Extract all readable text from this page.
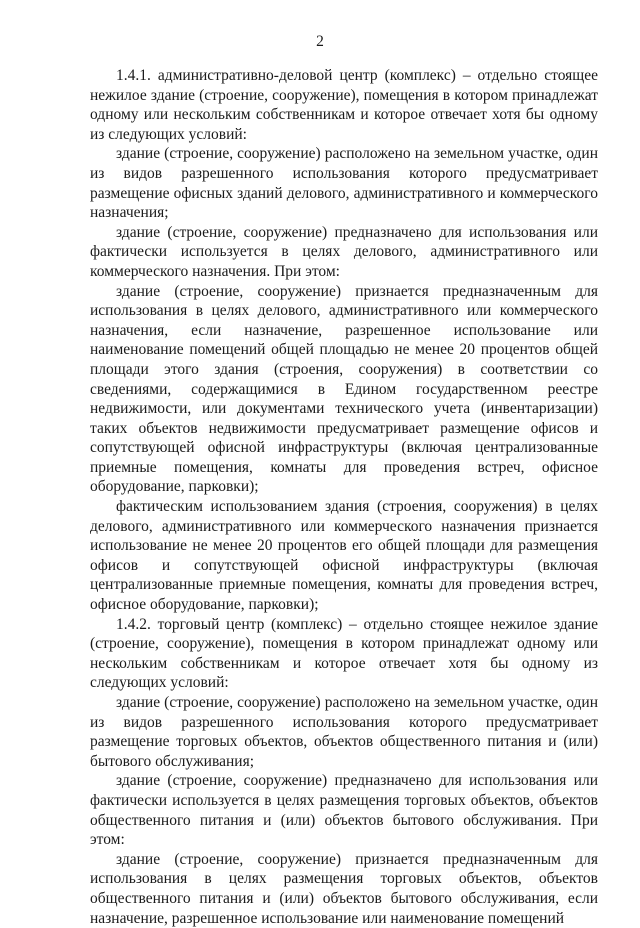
2

1.4.1. административно-деловой центр (комплекс) – отдельно стоящее нежилое здание (строение, сооружение), помещения в котором принадлежат одному или нескольким собственникам и которое отвечает хотя бы одному из следующих условий:

здание (строение, сооружение) расположено на земельном участке, один из видов разрешенного использования которого предусматривает размещение офисных зданий делового, административного и коммерческого назначения;

здание (строение, сооружение) предназначено для использования или фактически используется в целях делового, административного или коммерческого назначения. При этом:

здание (строение, сооружение) признается предназначенным для использования в целях делового, административного или коммерческого назначения, если назначение, разрешенное использование или наименование помещений общей площадью не менее 20 процентов общей площади этого здания (строения, сооружения) в соответствии со сведениями, содержащимися в Едином государственном реестре недвижимости, или документами технического учета (инвентаризации) таких объектов недвижимости предусматривает размещение офисов и сопутствующей офисной инфраструктуры (включая централизованные приемные помещения, комнаты для проведения встреч, офисное оборудование, парковки);

фактическим использованием здания (строения, сооружения) в целях делового, административного или коммерческого назначения признается использование не менее 20 процентов его общей площади для размещения офисов и сопутствующей офисной инфраструктуры (включая централизованные приемные помещения, комнаты для проведения встреч, офисное оборудование, парковки);

1.4.2. торговый центр (комплекс) – отдельно стоящее нежилое здание (строение, сооружение), помещения в котором принадлежат одному или нескольким собственникам и которое отвечает хотя бы одному из следующих условий:

здание (строение, сооружение) расположено на земельном участке, один из видов разрешенного использования которого предусматривает размещение торговых объектов, объектов общественного питания и (или) бытового обслуживания;

здание (строение, сооружение) предназначено для использования или фактически используется в целях размещения торговых объектов, объектов общественного питания и (или) объектов бытового обслуживания. При этом:

здание (строение, сооружение) признается предназначенным для использования в целях размещения торговых объектов, объектов общественного питания и (или) объектов бытового обслуживания, если назначение, разрешенное использование или наименование помещений
